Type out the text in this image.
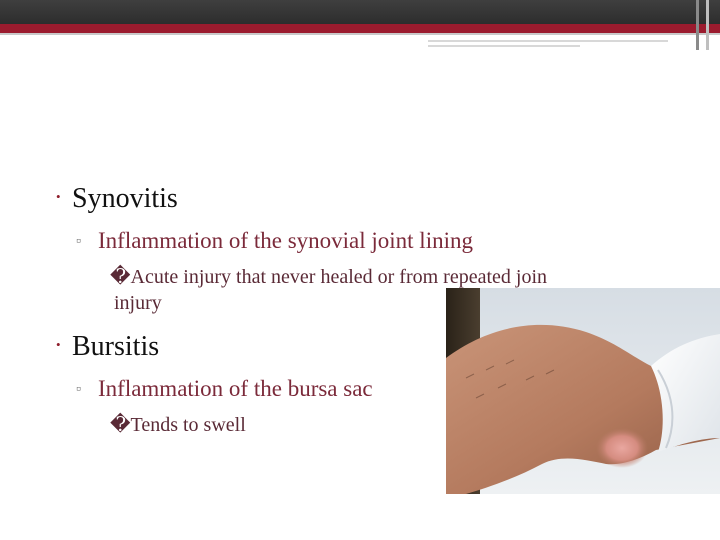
• Synovitis
▫ Inflammation of the synovial joint lining
�Acute injury that never healed or from repeated join
injury
• Bursitis
▫ Inflammation of the bursa sac
�Tends to swell
